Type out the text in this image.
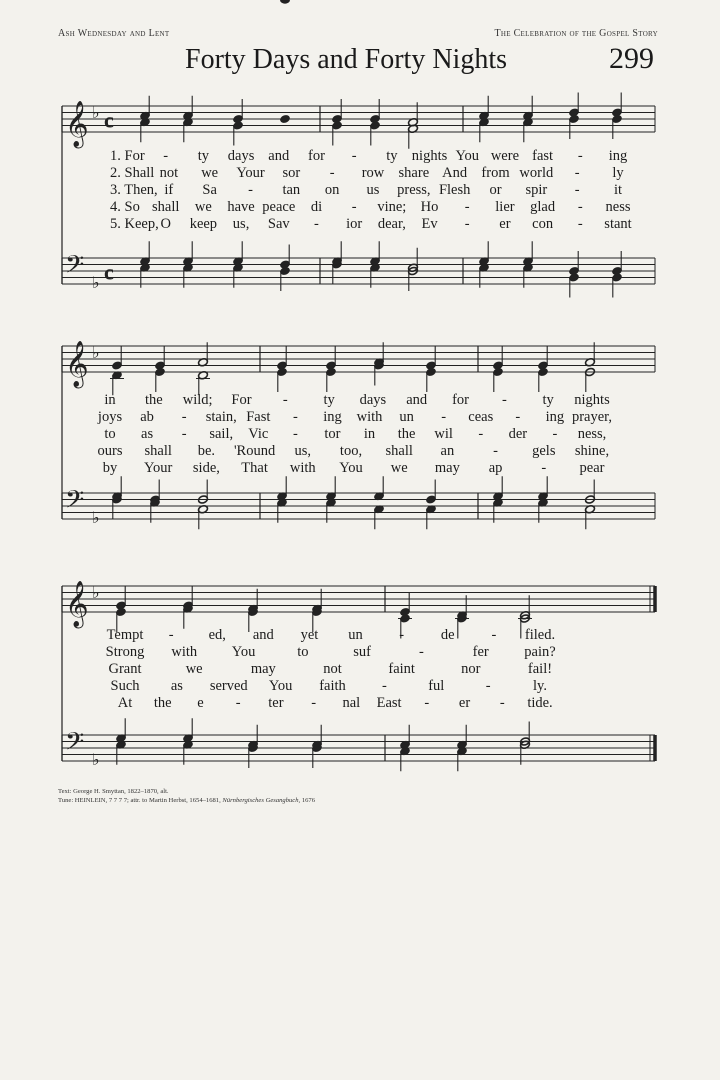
Ash Wednesday and Lent	The Celebration of the Gospel Story
Forty Days and Forty Nights	299
𝄞 ♭ c
𝄢 ♭ c
1. For - ty days and for - ty nights You were fast - ing
2. Shall not we Your sor - row share And from world - ly
3. Then, if Sa - tan on us press, Flesh or spir - it
4. So shall we have peace di - vine; Ho - lier glad - ness
5. Keep, O keep us, Sav - ior dear, Ev - er con - stant
𝄞 ♭
𝄢 ♭
in the wild; For - ty days and for - ty nights
joys ab - stain, Fast - ing with un - ceas - ing prayer,
to as - sail, Vic - tor in the wil - der - ness,
ours shall be. 'Round us, too, shall an	- gels shine,
by Your side, That with You we may ap	- pear
𝄞 ♭
𝄢 ♭
Tempt - ed, and yet un	-	de	- filed.
Strong with You	to	suf	-	fer pain?
Grant	we	may	not	faint	nor	fail!
Such as served You faith -	ful	-	ly.
At the e - ter - nal East - er - tide.
Text: George H. Smyttan, 1822–1870, alt.
Tune: HEINLEIN, 7 7 7 7; attr. to Martin Herbst, 1654–1681, Nürnbergisches Gesangbuch, 1676
